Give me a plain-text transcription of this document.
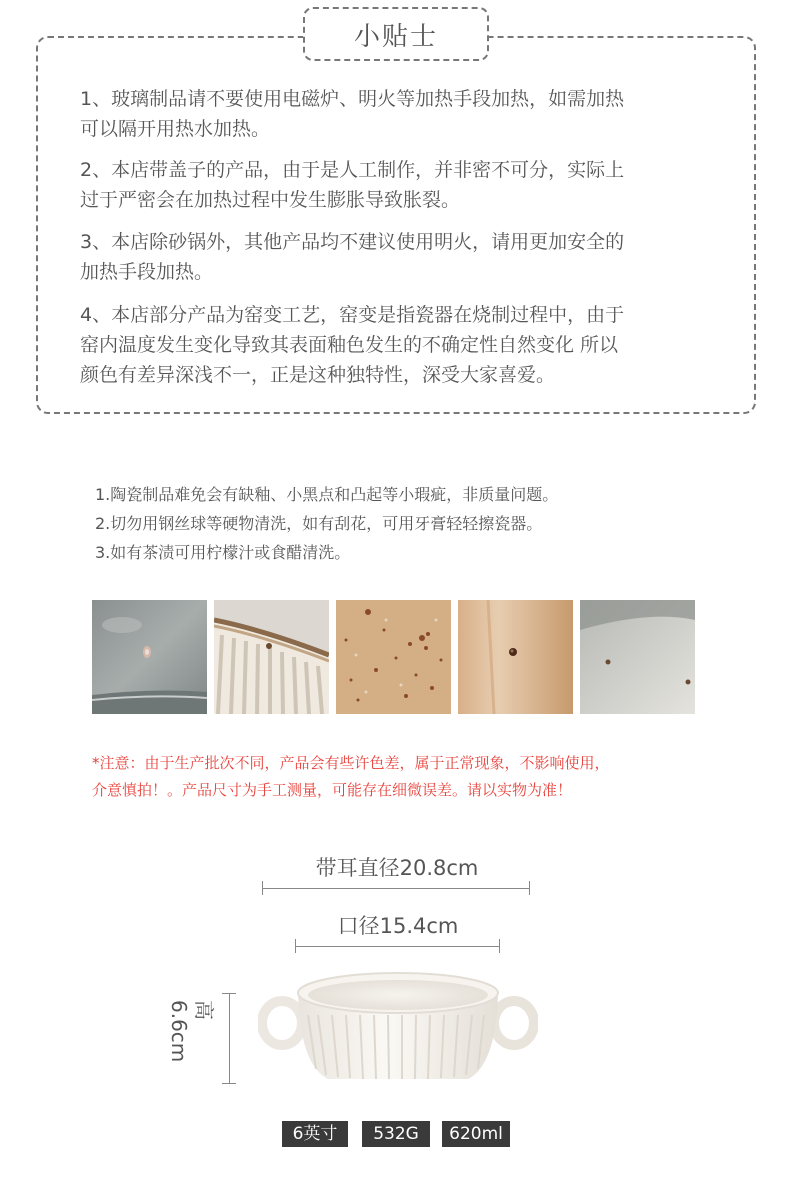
小贴士
1、玻璃制品请不要使用电磁炉、明火等加热手段加热，如需加热
可以隔开用热水加热。
2、本店带盖子的产品，由于是人工制作，并非密不可分，实际上
过于严密会在加热过程中发生膨胀导致胀裂。
3、本店除砂锅外，其他产品均不建议使用明火，请用更加安全的
加热手段加热。
4、本店部分产品为窑变工艺，窑变是指瓷器在烧制过程中，由于
窑内温度发生变化导致其表面釉色发生的不确定性自然变化 所以
颜色有差异深浅不一，正是这种独特性，深受大家喜爱。
1.陶瓷制品难免会有缺釉、小黑点和凸起等小瑕疵，非质量问题。
2.切勿用钢丝球等硬物清洗，如有刮花，可用牙膏轻轻擦瓷器。
3.如有茶渍可用柠檬汁或食醋清洗。
*注意：由于生产批次不同，产品会有些许色差，属于正常现象，不影响使用，
介意慎拍！。产品尺寸为手工测量，可能存在细微误差。请以实物为准！
带耳直径20.8cm
口径15.4cm
高6.6cm
6英寸	532G	620ml
